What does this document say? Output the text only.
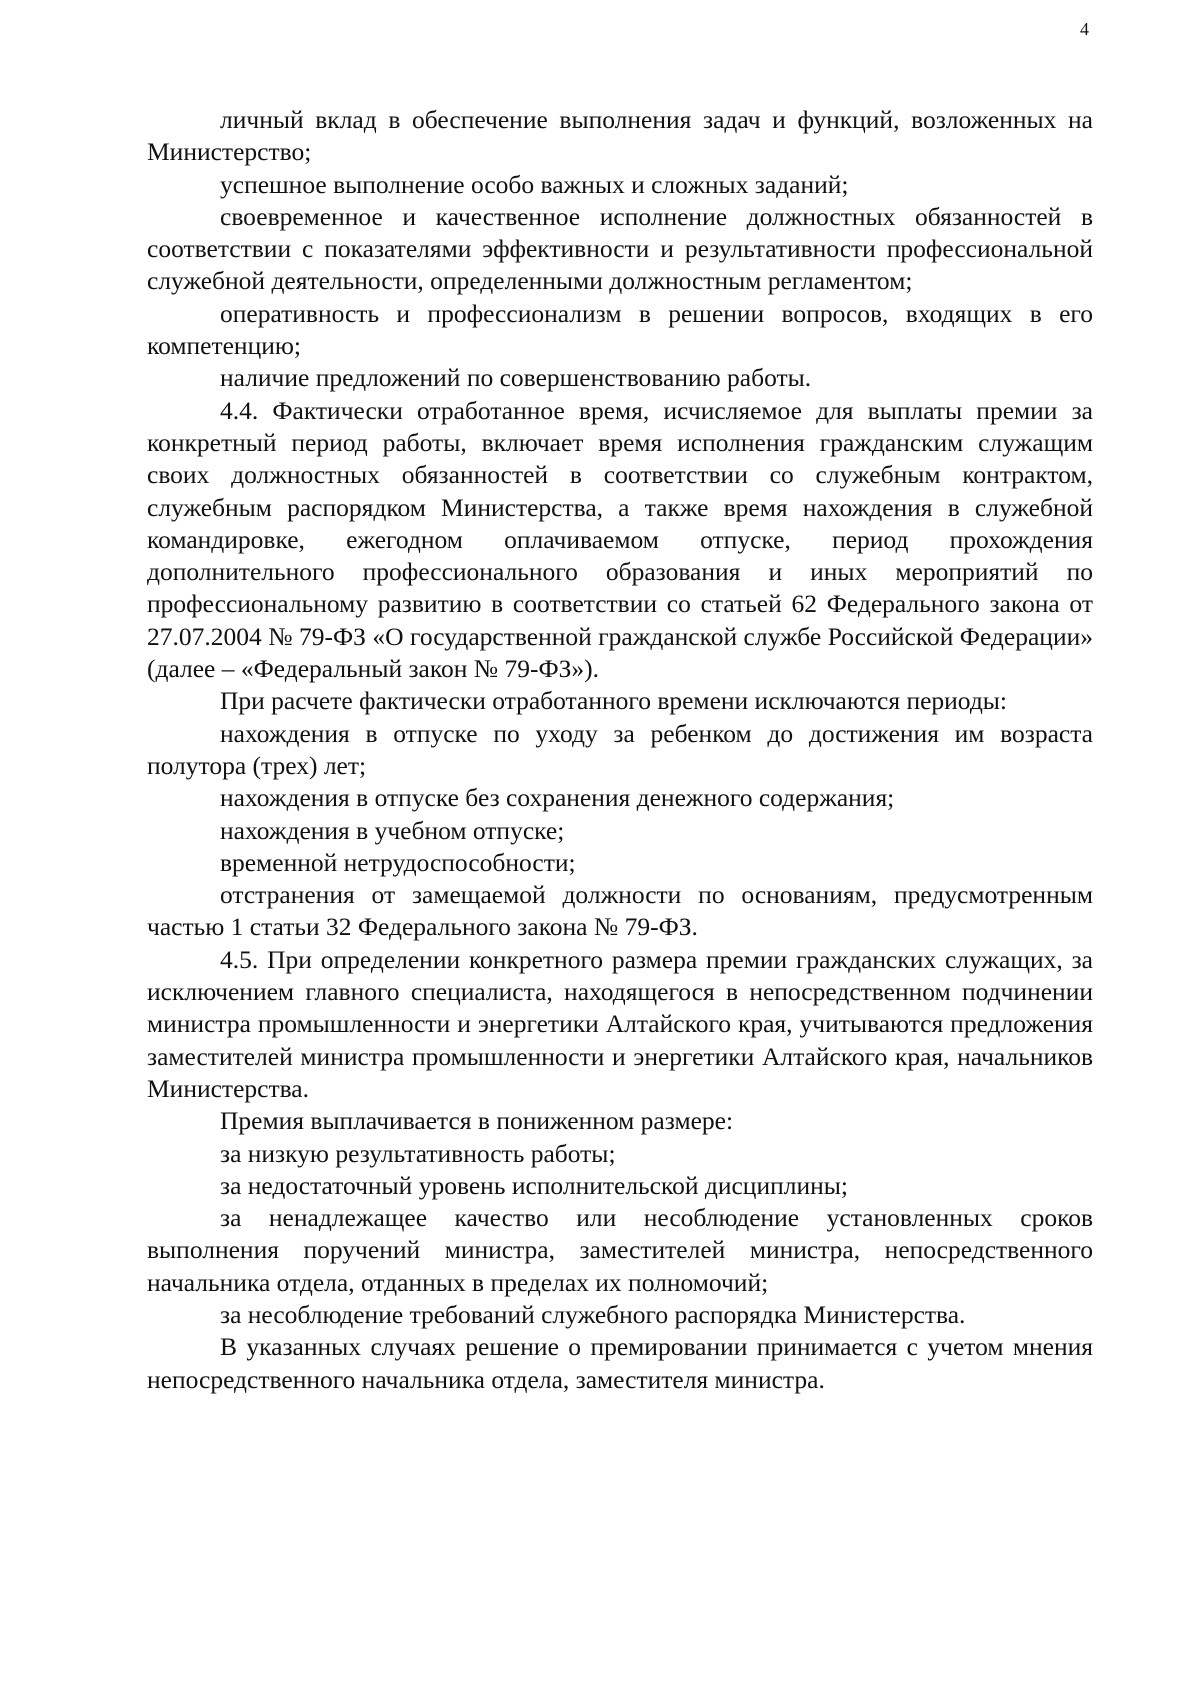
4

личный вклад в обеспечение выполнения задач и функций, возложенных на Министерство;

успешное выполнение особо важных и сложных заданий;

своевременное и качественное исполнение должностных обязанностей в соответствии с показателями эффективности и результативности профессиональной служебной деятельности, определенными должностным регламентом;

оперативность и профессионализм в решении вопросов, входящих в его компетенцию;

наличие предложений по совершенствованию работы.

4.4. Фактически отработанное время, исчисляемое для выплаты премии за конкретный период работы, включает время исполнения гражданским служащим своих должностных обязанностей в соответствии со служебным контрактом, служебным распорядком Министерства, а также время нахождения в служебной командировке, ежегодном оплачиваемом отпуске, период прохождения дополнительного профессионального образования и иных мероприятий по профессиональному развитию в соответствии со статьей 62 Федерального закона от 27.07.2004 № 79-ФЗ «О государственной гражданской службе Российской Федерации» (далее – «Федеральный закон № 79-ФЗ»).

При расчете фактически отработанного времени исключаются периоды:

нахождения в отпуске по уходу за ребенком до достижения им возраста полутора (трех) лет;

нахождения в отпуске без сохранения денежного содержания;

нахождения в учебном отпуске;

временной нетрудоспособности;

отстранения от замещаемой должности по основаниям, предусмотренным частью 1 статьи 32 Федерального закона № 79-ФЗ.

4.5. При определении конкретного размера премии гражданских служащих, за исключением главного специалиста, находящегося в непосредственном подчинении министра промышленности и энергетики Алтайского края, учитываются предложения заместителей министра промышленности и энергетики Алтайского края, начальников Министерства.

Премия выплачивается в пониженном размере:

за низкую результативность работы;

за недостаточный уровень исполнительской дисциплины;

за ненадлежащее качество или несоблюдение установленных сроков выполнения поручений министра, заместителей министра, непосредственного начальника отдела, отданных в пределах их полномочий;

за несоблюдение требований служебного распорядка Министерства.

В указанных случаях решение о премировании принимается с учетом мнения непосредственного начальника отдела, заместителя министра.
